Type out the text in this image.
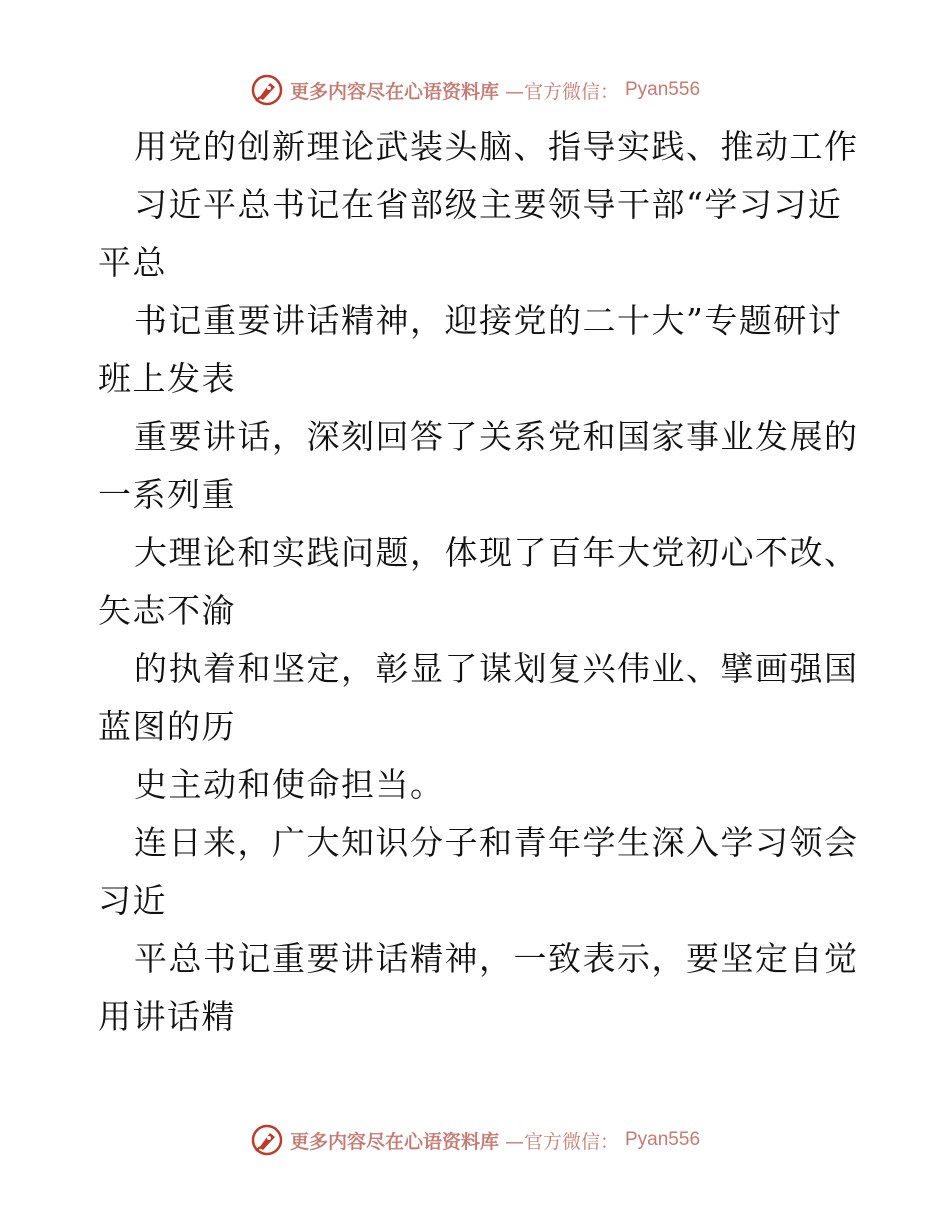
更多内容尽在心语资料库 —官方微信： Pyan556
用党的创新理论武装头脑、指导实践、推动工作
习近平总书记在省部级主要领导干部“学习习近
平总
书记重要讲话精神，迎接党的二十大”专题研讨
班上发表
重要讲话，深刻回答了关系党和国家事业发展的
一系列重
大理论和实践问题，体现了百年大党初心不改、
矢志不渝
的执着和坚定，彰显了谋划复兴伟业、擘画强国
蓝图的历
史主动和使命担当。
连日来，广大知识分子和青年学生深入学习领会
习近
平总书记重要讲话精神，一致表示，要坚定自觉
用讲话精
更多内容尽在心语资料库 —官方微信： Pyan556
